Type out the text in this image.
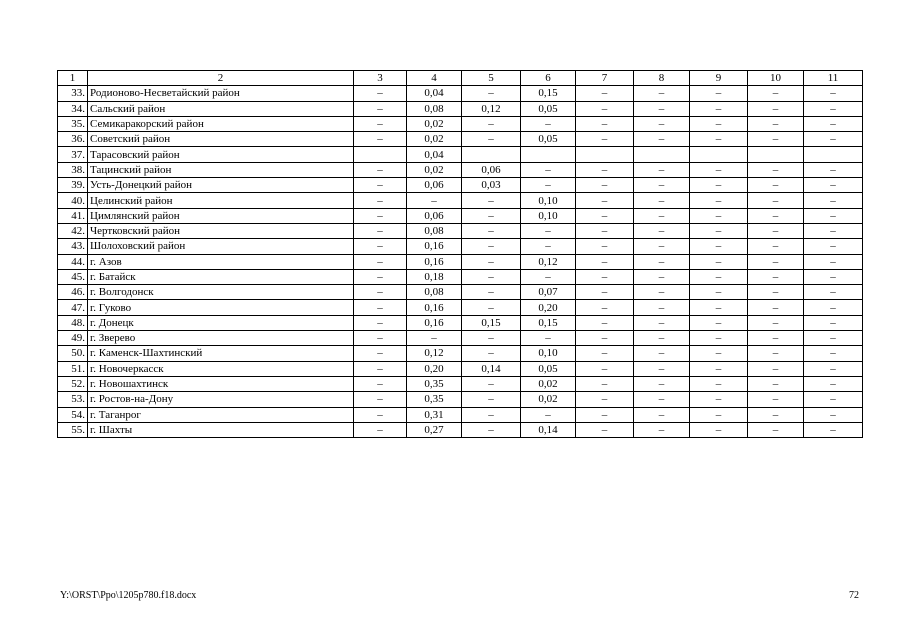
1	2	3	4	5	6	7	8	9	10	11
33.	Родионово-Несветайский район	–	0,04	–	0,15	–	–	–	–	–
34.	Сальский район	–	0,08	0,12	0,05	–	–	–	–	–
35.	Семикаракорский район	–	0,02	–	–	–	–	–	–	–
36.	Советский район	–	0,02	–	0,05	–	–	–	–	–
37.	Тарасовский район		0,04							
38.	Тацинский район	–	0,02	0,06	–	–	–	–	–	–
39.	Усть-Донецкий район	–	0,06	0,03	–	–	–	–	–	–
40.	Целинский район	–	–	–	0,10	–	–	–	–	–
41.	Цимлянский район	–	0,06	–	0,10	–	–	–	–	–
42.	Чертковский район	–	0,08	–	–	–	–	–	–	–
43.	Шолоховский район	–	0,16	–	–	–	–	–	–	–
44.	г. Азов	–	0,16	–	0,12	–	–	–	–	–
45.	г. Батайск	–	0,18	–	–	–	–	–	–	–
46.	г. Волгодонск	–	0,08	–	0,07	–	–	–	–	–
47.	г. Гуково	–	0,16	–	0,20	–	–	–	–	–
48.	г. Донецк	–	0,16	0,15	0,15	–	–	–	–	–
49.	г. Зверево	–	–	–	–	–	–	–	–	–
50.	г. Каменск-Шахтинский	–	0,12	–	0,10	–	–	–	–	–
51.	г. Новочеркасск	–	0,20	0,14	0,05	–	–	–	–	–
52.	г. Новошахтинск	–	0,35	–	0,02	–	–	–	–	–
53.	г. Ростов-на-Дону	–	0,35	–	0,02	–	–	–	–	–
54.	г. Таганрог	–	0,31	–	–	–	–	–	–	–
55.	г. Шахты	–	0,27	–	0,14	–	–	–	–	–
Y:\ORST\Ppo\1205p780.f18.docx	72
